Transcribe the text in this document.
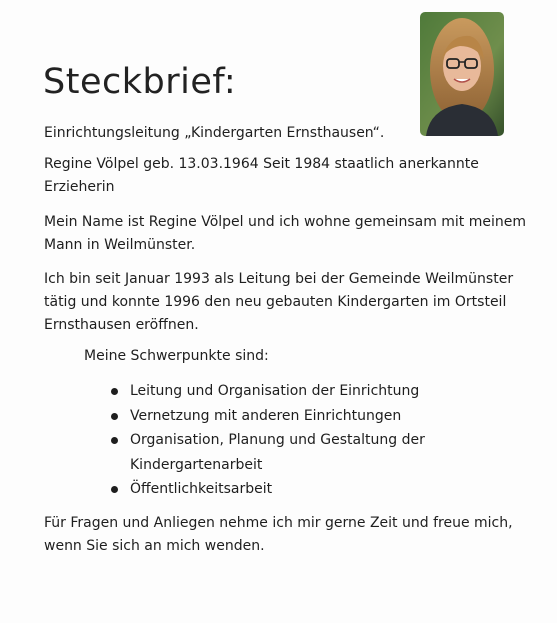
Steckbrief:

Einrichtungsleitung „Kindergarten Ernsthausen“.

Regine Völpel geb. 13.03.1964 Seit 1984 staatlich anerkannte Erzieherin

Mein Name ist Regine Völpel und ich wohne gemeinsam mit meinem Mann in Weilmünster.

Ich bin seit Januar 1993 als Leitung bei der Gemeinde Weilmünster tätig und konnte 1996 den neu gebauten Kindergarten im Ortsteil Ernsthausen eröffnen.

Meine Schwerpunkte sind:
Leitung und Organisation der Einrichtung
Vernetzung mit anderen Einrichtungen
Organisation, Planung und Gestaltung der Kindergartenarbeit
Öffentlichkeitsarbeit

Für Fragen und Anliegen nehme ich mir gerne Zeit und freue mich, wenn Sie sich an mich wenden.
